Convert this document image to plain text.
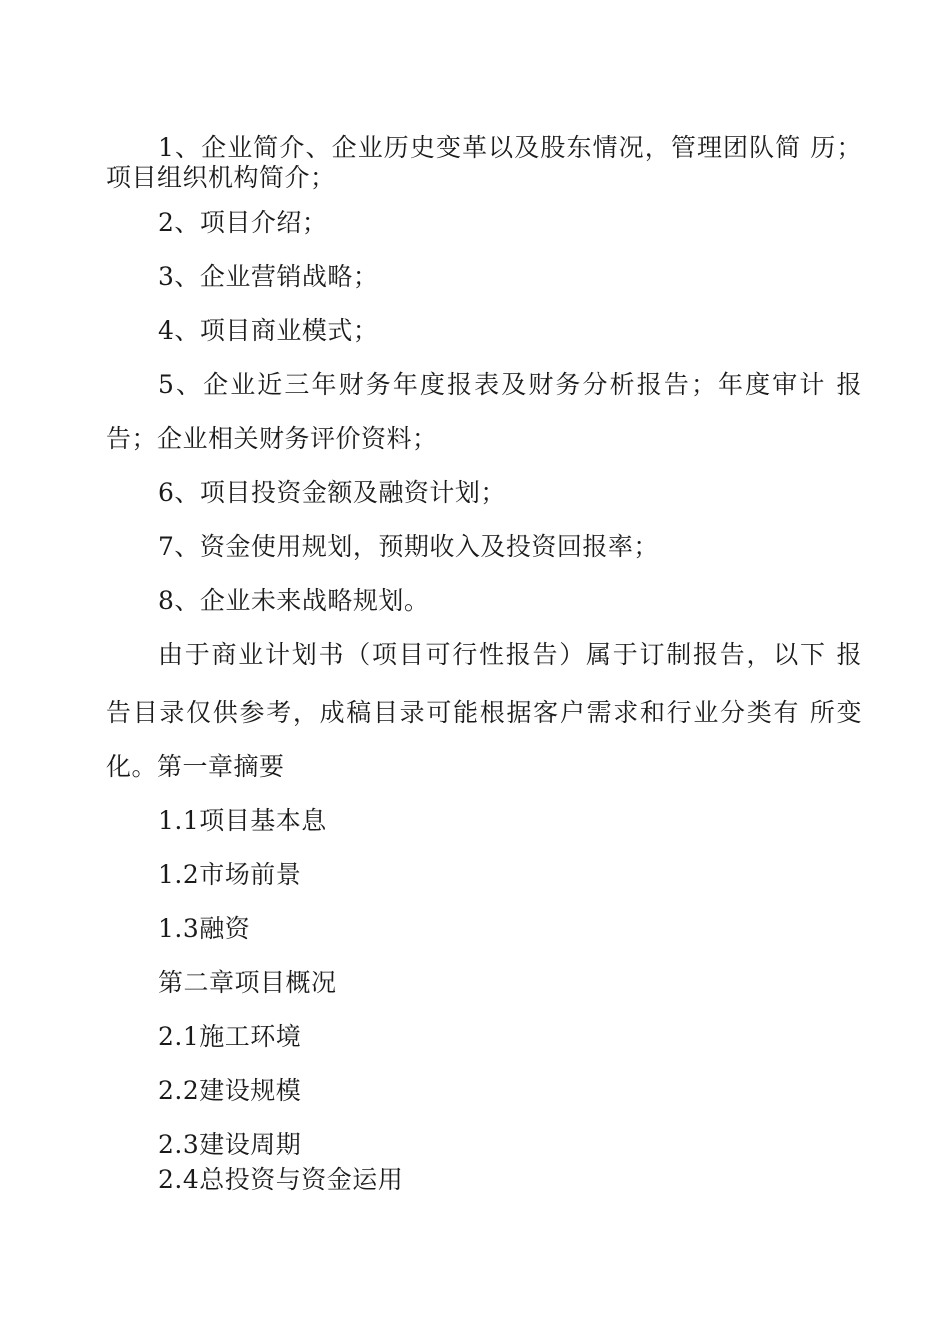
1、企业简介、企业历史变革以及股东情况，管理团队简 历；
项目组织机构简介；
2、项目介绍；
3、企业营销战略；
4、项目商业模式；
5、企业近三年财务年度报表及财务分析报告；年度审计 报
告；企业相关财务评价资料；
6、项目投资金额及融资计划；
7、资金使用规划，预期收入及投资回报率；
8、企业未来战略规划。
由于商业计划书（项目可行性报告）属于订制报告，以下 报
告目录仅供参考，成稿目录可能根据客户需求和行业分类有 所变
化。第一章摘要
1.1项目基本息
1.2市场前景
1.3融资
第二章项目概况
2.1施工环境
2.2建设规模
2.3建设周期
2.4总投资与资金运用
